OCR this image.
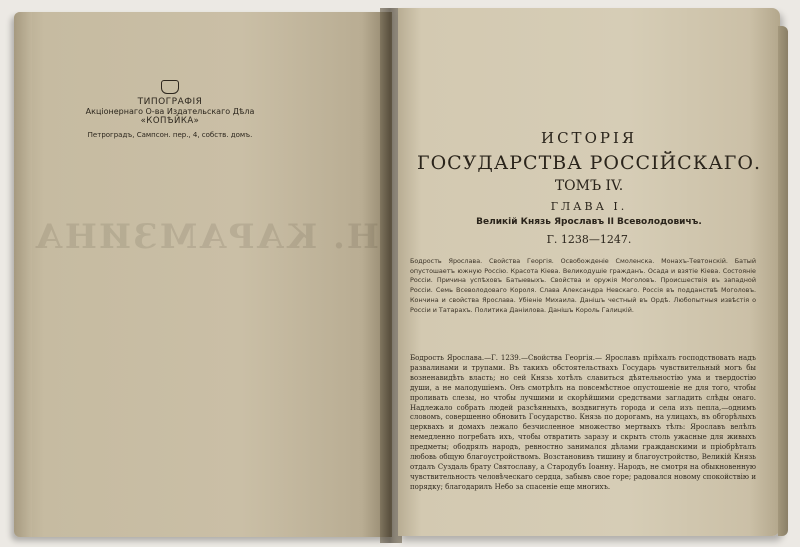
Н. КАРАМЗИНА
ТИПОГРАФІЯ
Акціонернаго О-ва Издательскаго Дѣла
«КОПѢЙКА»
Петроградъ, Сампсон. пер., 4, собств. домъ.	ИСТОРІЯ
ГОСУДАРСТВА РОССІЙСКАГО.
ТОМЪ IV.
ГЛАВА I.
Великій Князь Ярославъ II Всеволодовичъ.
Г. 1238—1247.
Бодрость Ярослава. Свойства Георгія. Освобожденіе Смоленска. Монахъ-Тевтонскій. Батый опустошаетъ южную Россію. Красота Кіева. Великодушіе гражданъ. Осада и взятіе Кіева. Состояніе Россіи. Причина успѣховъ Батыевыхъ. Свойства и оружія Моголовъ. Происшествія въ западной Россіи. Семь Всеволодоваго Короля. Слава Александра Невскаго. Россія въ подданствѣ Моголовъ. Кончина и свойства Ярослава. Убіеніе Михаила. Данішъ честный въ Ордѣ. Любопытныя извѣстія о Россіи и Татарахъ. Политика Даніилова. Данішъ Король Галицкій.

Бодрость Ярослава.—Г. 1239.—Свойства Георгія.— Ярославъ прiѣхалъ господствовать надъ развалинами и трупами. Въ такихъ обстоятельствахъ Государь чувствительный могъ бы возненавидѣть власть; но сей Князь хотѣлъ славиться дѣятельностію ума и твердостію души, а не малодушіемъ. Онъ смотрѣлъ на повсемѣстное опустошеніе не для того, чтобы проливать слезы, но чтобы лучшими и скорѣйшими средствами загладить слѣды онаго. Надлежало собрать людей разсѣянныхъ, воздвигнуть города и села изъ пепла,—однимъ словомъ, совершенно обновить Государство. Князь по дорогамъ, на улицахъ, въ обгорѣлыхъ церквахъ и домахъ лежало безчисленное множество мертвыхъ тѣлъ: Ярославъ велѣлъ немедленно погребать ихъ, чтобы отвратить заразу и скрыть столь ужасные для живыхъ предметы; ободрялъ народъ, ревностно занимался дѣлами гражданскими и пріобрѣталъ любовь общую благоустройствомъ. Возстановивъ тишину и благоустройство, Великій Князь отдалъ Суздаль брату Святославу, а Стародубъ Іоанну. Народъ, не смотря на обыкновенную чувствительность человѣческаго сердца, забывъ свое горе; радовался новому спокойствію и порядку; благодарилъ Небо за спасеніе еще многихъ.
